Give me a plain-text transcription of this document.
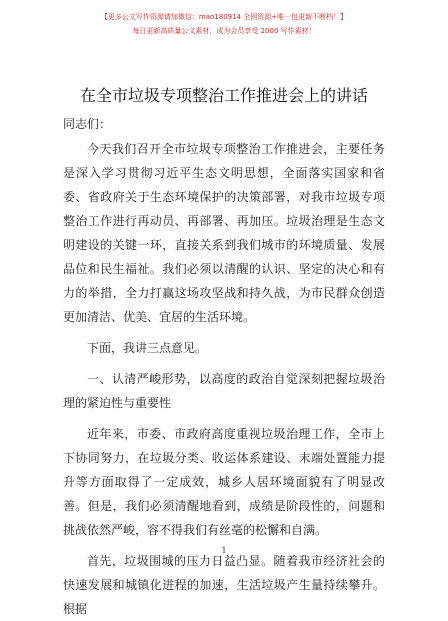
【更多公文写作资源请加微信：mao180914 全网资源+唯一包更新不断档！】
每日更新高质量公文素材，成为会员享受 2000 写作素材！
在全市垃圾专项整治工作推进会上的讲话

同志们：

今天我们召开全市垃圾专项整治工作推进会，主要任务是深入学习贯彻习近平生态文明思想，全面落实国家和省委、省政府关于生态环境保护的决策部署，对我市垃圾专项整治工作进行再动员、再部署、再加压。垃圾治理是生态文明建设的关键一环，直接关系到我们城市的环境质量、发展品位和民生福祉。我们必须以清醒的认识、坚定的决心和有力的举措，全力打赢这场攻坚战和持久战，为市民群众创造更加清洁、优美、宜居的生活环境。

下面，我讲三点意见。

一、认清严峻形势，以高度的政治自觉深刻把握垃圾治理的紧迫性与重要性

近年来，市委、市政府高度重视垃圾治理工作，全市上下协同努力，在垃圾分类、收运体系建设、末端处置能力提升等方面取得了一定成效，城乡人居环境面貌有了明显改善。但是，我们必须清醒地看到，成绩是阶段性的，问题和挑战依然严峻，容不得我们有丝毫的松懈和自满。

首先，垃圾围城的压力日益凸显。随着我市经济社会的快速发展和城镇化进程的加速，生活垃圾产生量持续攀升。根据

1
